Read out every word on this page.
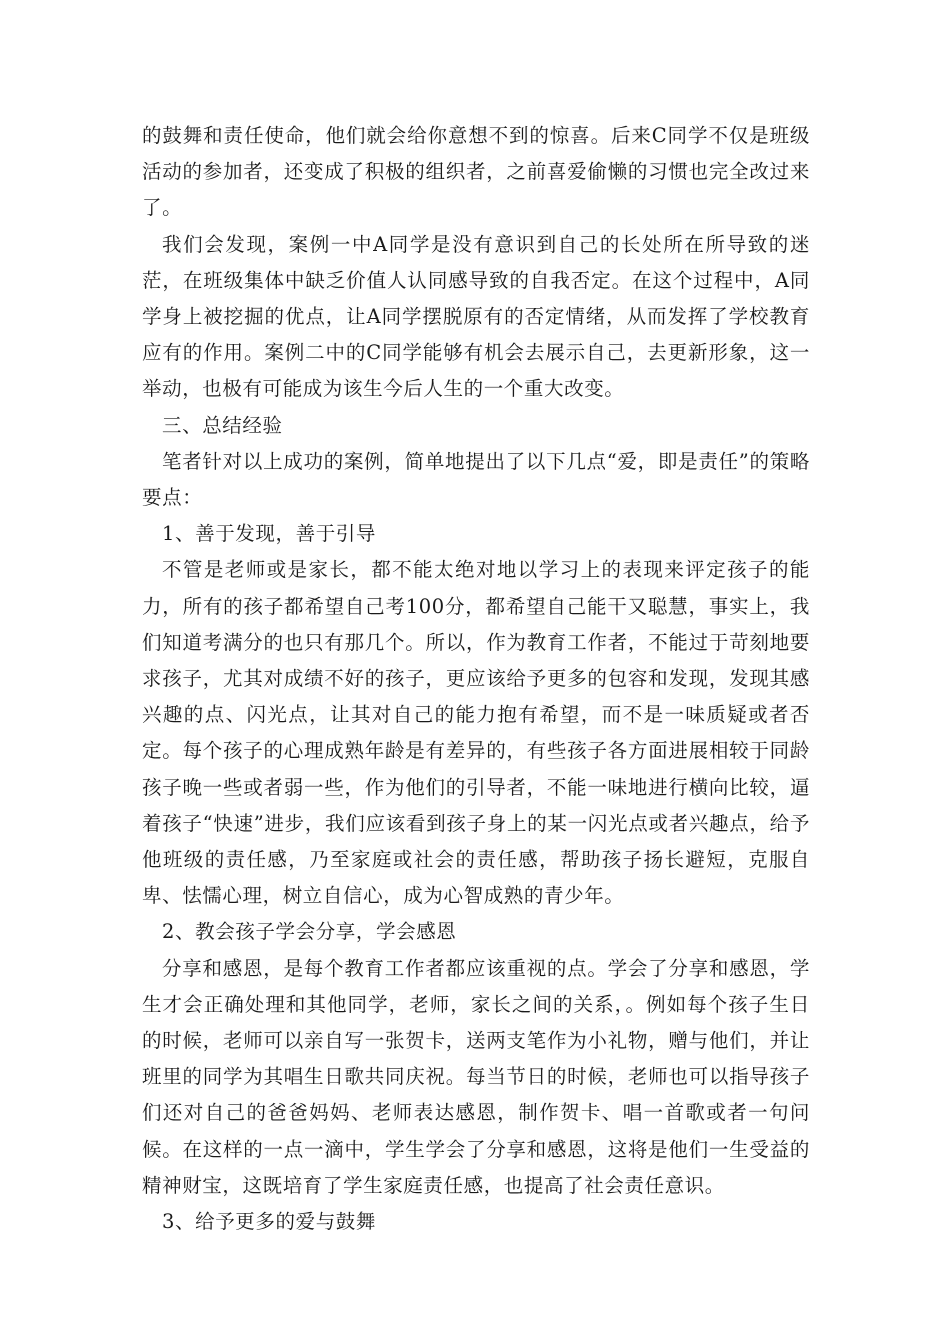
的鼓舞和责任使命，他们就会给你意想不到的惊喜。后来C同学不仅是班级活动的参加者，还变成了积极的组织者，之前喜爱偷懒的习惯也完全改过来了。

我们会发现，案例一中A同学是没有意识到自己的长处所在所导致的迷茫，在班级集体中缺乏价值人认同感导致的自我否定。在这个过程中，A同学身上被挖掘的优点，让A同学摆脱原有的否定情绪，从而发挥了学校教育应有的作用。案例二中的C同学能够有机会去展示自己，去更新形象，这一举动，也极有可能成为该生今后人生的一个重大改变。

三、总结经验

笔者针对以上成功的案例，简单地提出了以下几点“爱，即是责任”的策略要点：

1、善于发现，善于引导

不管是老师或是家长，都不能太绝对地以学习上的表现来评定孩子的能力，所有的孩子都希望自己考100分，都希望自己能干又聪慧，事实上，我们知道考满分的也只有那几个。所以，作为教育工作者，不能过于苛刻地要求孩子，尤其对成绩不好的孩子，更应该给予更多的包容和发现，发现其感兴趣的点、闪光点，让其对自己的能力抱有希望，而不是一味质疑或者否定。每个孩子的心理成熟年龄是有差异的，有些孩子各方面进展相较于同龄孩子晚一些或者弱一些，作为他们的引导者，不能一味地进行横向比较，逼着孩子“快速”进步，我们应该看到孩子身上的某一闪光点或者兴趣点，给予他班级的责任感，乃至家庭或社会的责任感，帮助孩子扬长避短，克服自卑、怯懦心理，树立自信心，成为心智成熟的青少年。

2、教会孩子学会分享，学会感恩

分享和感恩，是每个教育工作者都应该重视的点。学会了分享和感恩，学生才会正确处理和其他同学，老师，家长之间的关系，。例如每个孩子生日的时候，老师可以亲自写一张贺卡，送两支笔作为小礼物，赠与他们，并让班里的同学为其唱生日歌共同庆祝。每当节日的时候，老师也可以指导孩子们还对自己的爸爸妈妈、老师表达感恩，制作贺卡、唱一首歌或者一句问候。在这样的一点一滴中，学生学会了分享和感恩，这将是他们一生受益的精神财宝，这既培育了学生家庭责任感，也提高了社会责任意识。

3、给予更多的爱与鼓舞
